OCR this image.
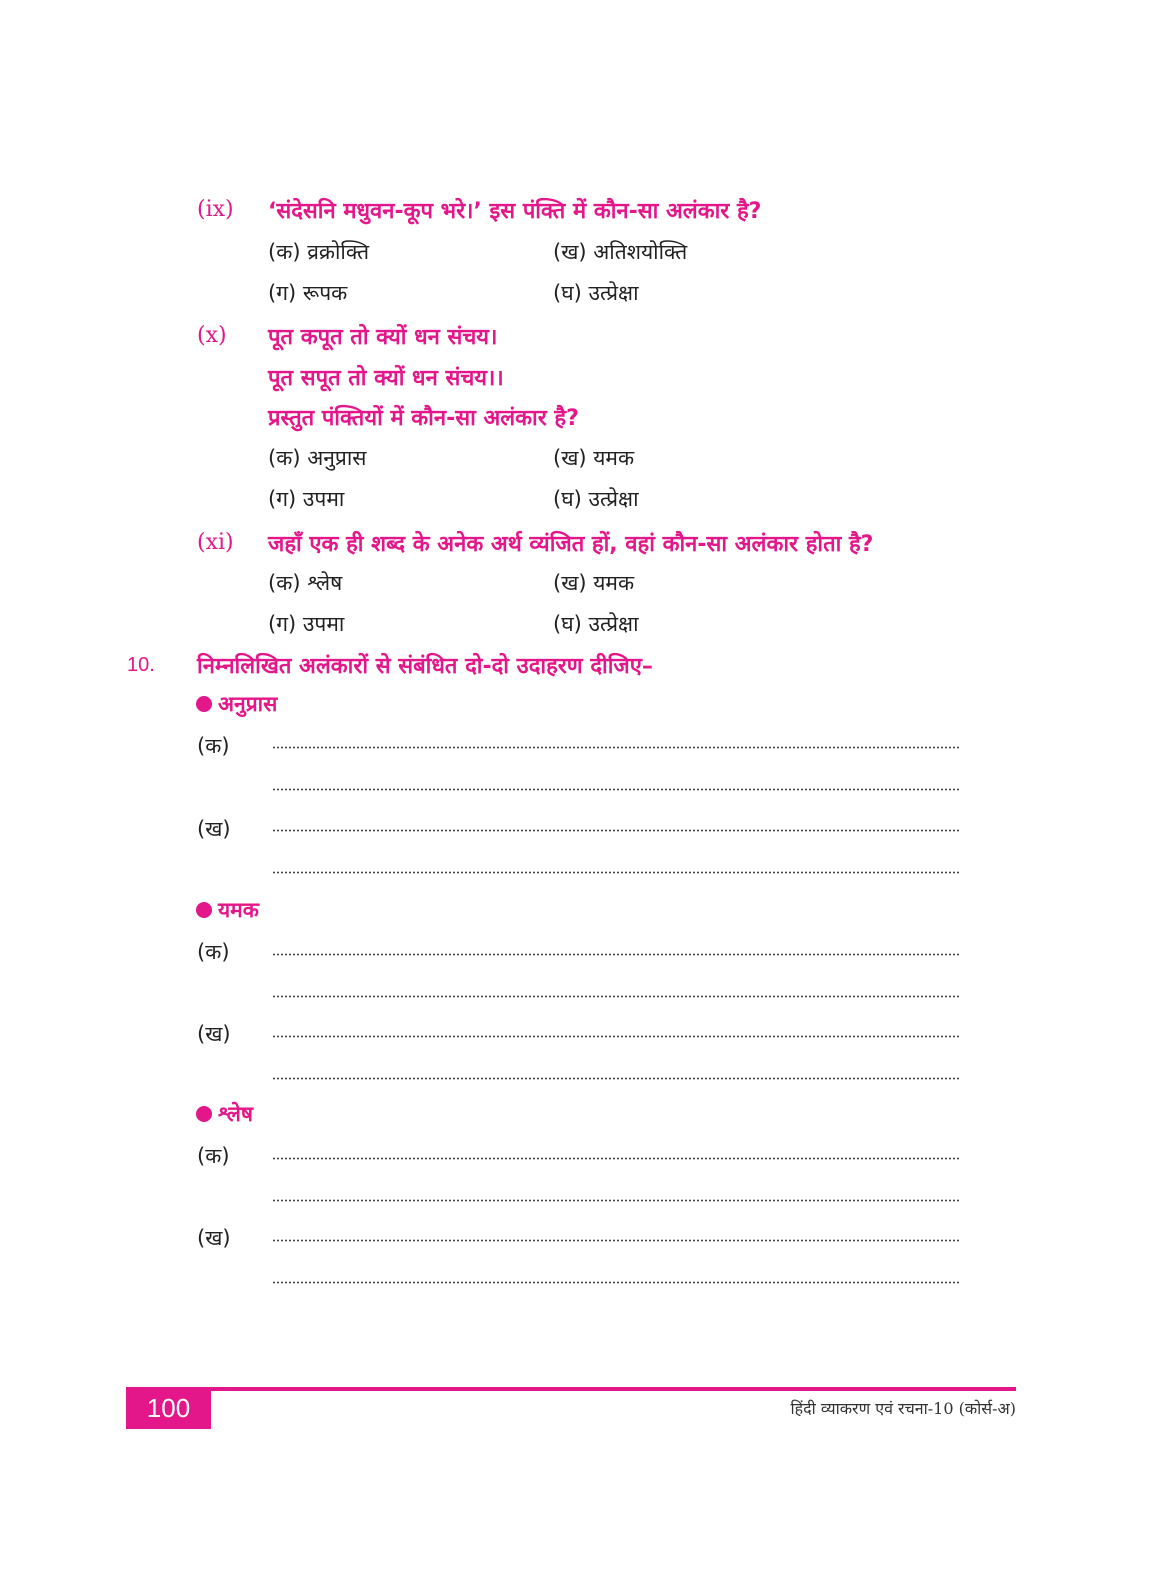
(ix) ‘संदेसनि मधुवन-कूप भरे।’ इस पंक्ति में कौन-सा अलंकार है?
(क) व्रक्रोक्ति	(ख) अतिशयोक्ति
(ग) रूपक	(घ) उत्प्रेक्षा
(x) पूत कपूत तो क्यों धन संचय।
पूत सपूत तो क्यों धन संचय।।
प्रस्तुत पंक्तियों में कौन-सा अलंकार है?
(क) अनुप्रास	(ख) यमक
(ग) उपमा	(घ) उत्प्रेक्षा
(xi) जहाँ एक ही शब्द के अनेक अर्थ व्यंजित हों, वहां कौन-सा अलंकार होता है?
(क) श्लेष	(ख) यमक
(ग) उपमा	(घ) उत्प्रेक्षा
10. निम्नलिखित अलंकारों से संबंधित दो-दो उदाहरण दीजिए–
अनुप्रास
(क)
(ख)
यमक
(क)
(ख)
श्लेष
(क)
(ख)
100	हिंदी व्याकरण एवं रचना-10 (कोर्स-अ)
